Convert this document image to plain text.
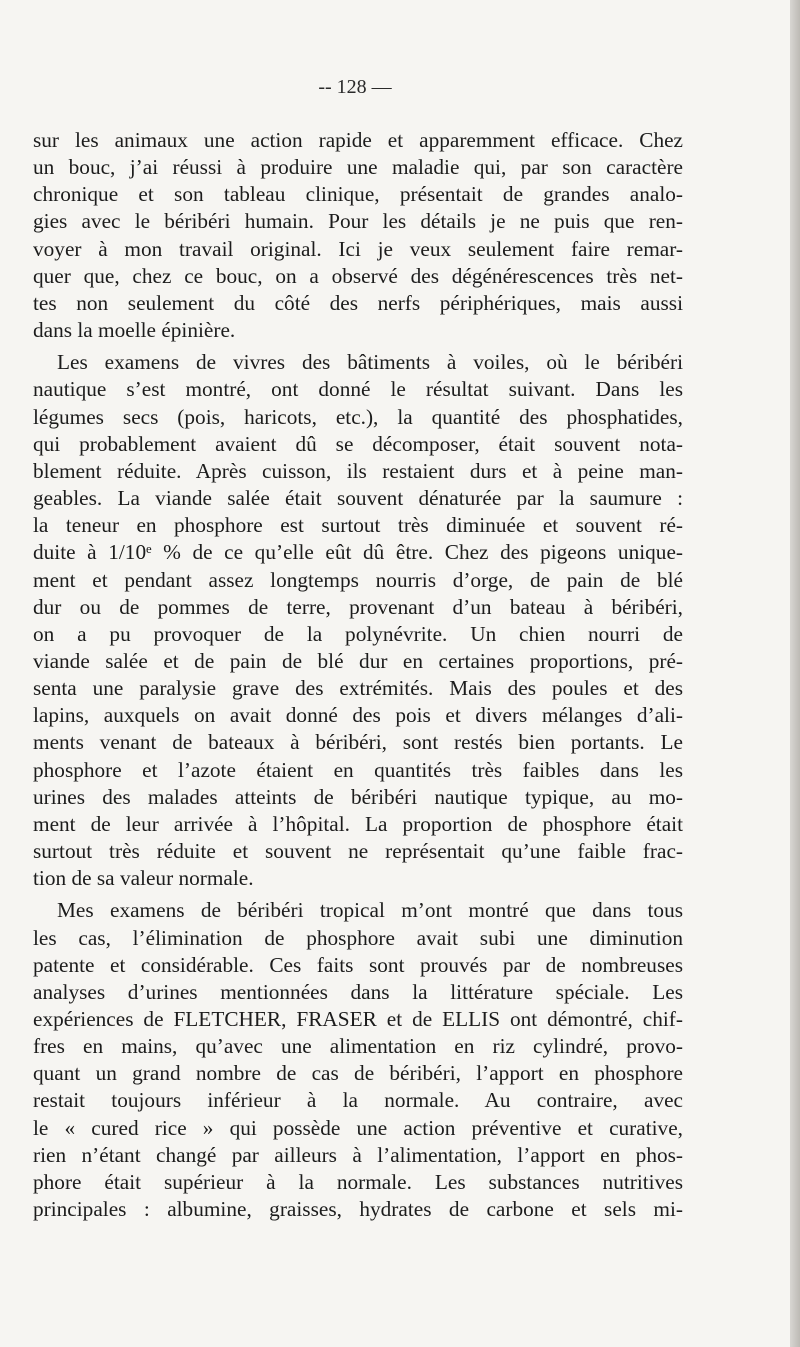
-- 128 —
sur les animaux une action rapide et apparemment efficace. Chez
un bouc, j’ai réussi à produire une maladie qui, par son caractère
chronique et son tableau clinique, présentait de grandes analo-
gies avec le béribéri humain. Pour les détails je ne puis que ren-
voyer à mon travail original. Ici je veux seulement faire remar-
quer que, chez ce bouc, on a observé des dégénérescences très net-
tes non seulement du côté des nerfs périphériques, mais aussi
dans la moelle épinière.
Les examens de vivres des bâtiments à voiles, où le béribéri
nautique s’est montré, ont donné le résultat suivant. Dans les
légumes secs (pois, haricots, etc.), la quantité des phosphatides,
qui probablement avaient dû se décomposer, était souvent nota-
blement réduite. Après cuisson, ils restaient durs et à peine man-
geables. La viande salée était souvent dénaturée par la saumure :
la teneur en phosphore est surtout très diminuée et souvent ré-
duite à 1/10ᵉ % de ce qu’elle eût dû être. Chez des pigeons unique-
ment et pendant assez longtemps nourris d’orge, de pain de blé
dur ou de pommes de terre, provenant d’un bateau à béribéri,
on a pu provoquer de la polynévrite. Un chien nourri de
viande salée et de pain de blé dur en certaines proportions, pré-
senta une paralysie grave des extrémités. Mais des poules et des
lapins, auxquels on avait donné des pois et divers mélanges d’ali-
ments venant de bateaux à béribéri, sont restés bien portants. Le
phosphore et l’azote étaient en quantités très faibles dans les
urines des malades atteints de béribéri nautique typique, au mo-
ment de leur arrivée à l’hôpital. La proportion de phosphore était
surtout très réduite et souvent ne représentait qu’une faible frac-
tion de sa valeur normale.
Mes examens de béribéri tropical m’ont montré que dans tous
les cas, l’élimination de phosphore avait subi une diminution
patente et considérable. Ces faits sont prouvés par de nombreuses
analyses d’urines mentionnées dans la littérature spéciale. Les
expériences de FLETCHER, FRASER et de ELLIS ont démontré, chif-
fres en mains, qu’avec une alimentation en riz cylindré, provo-
quant un grand nombre de cas de béribéri, l’apport en phosphore
restait toujours inférieur à la normale. Au contraire, avec
le « cured rice » qui possède une action préventive et curative,
rien n’étant changé par ailleurs à l’alimentation, l’apport en phos-
phore était supérieur à la normale. Les substances nutritives
principales : albumine, graisses, hydrates de carbone et sels mi-
